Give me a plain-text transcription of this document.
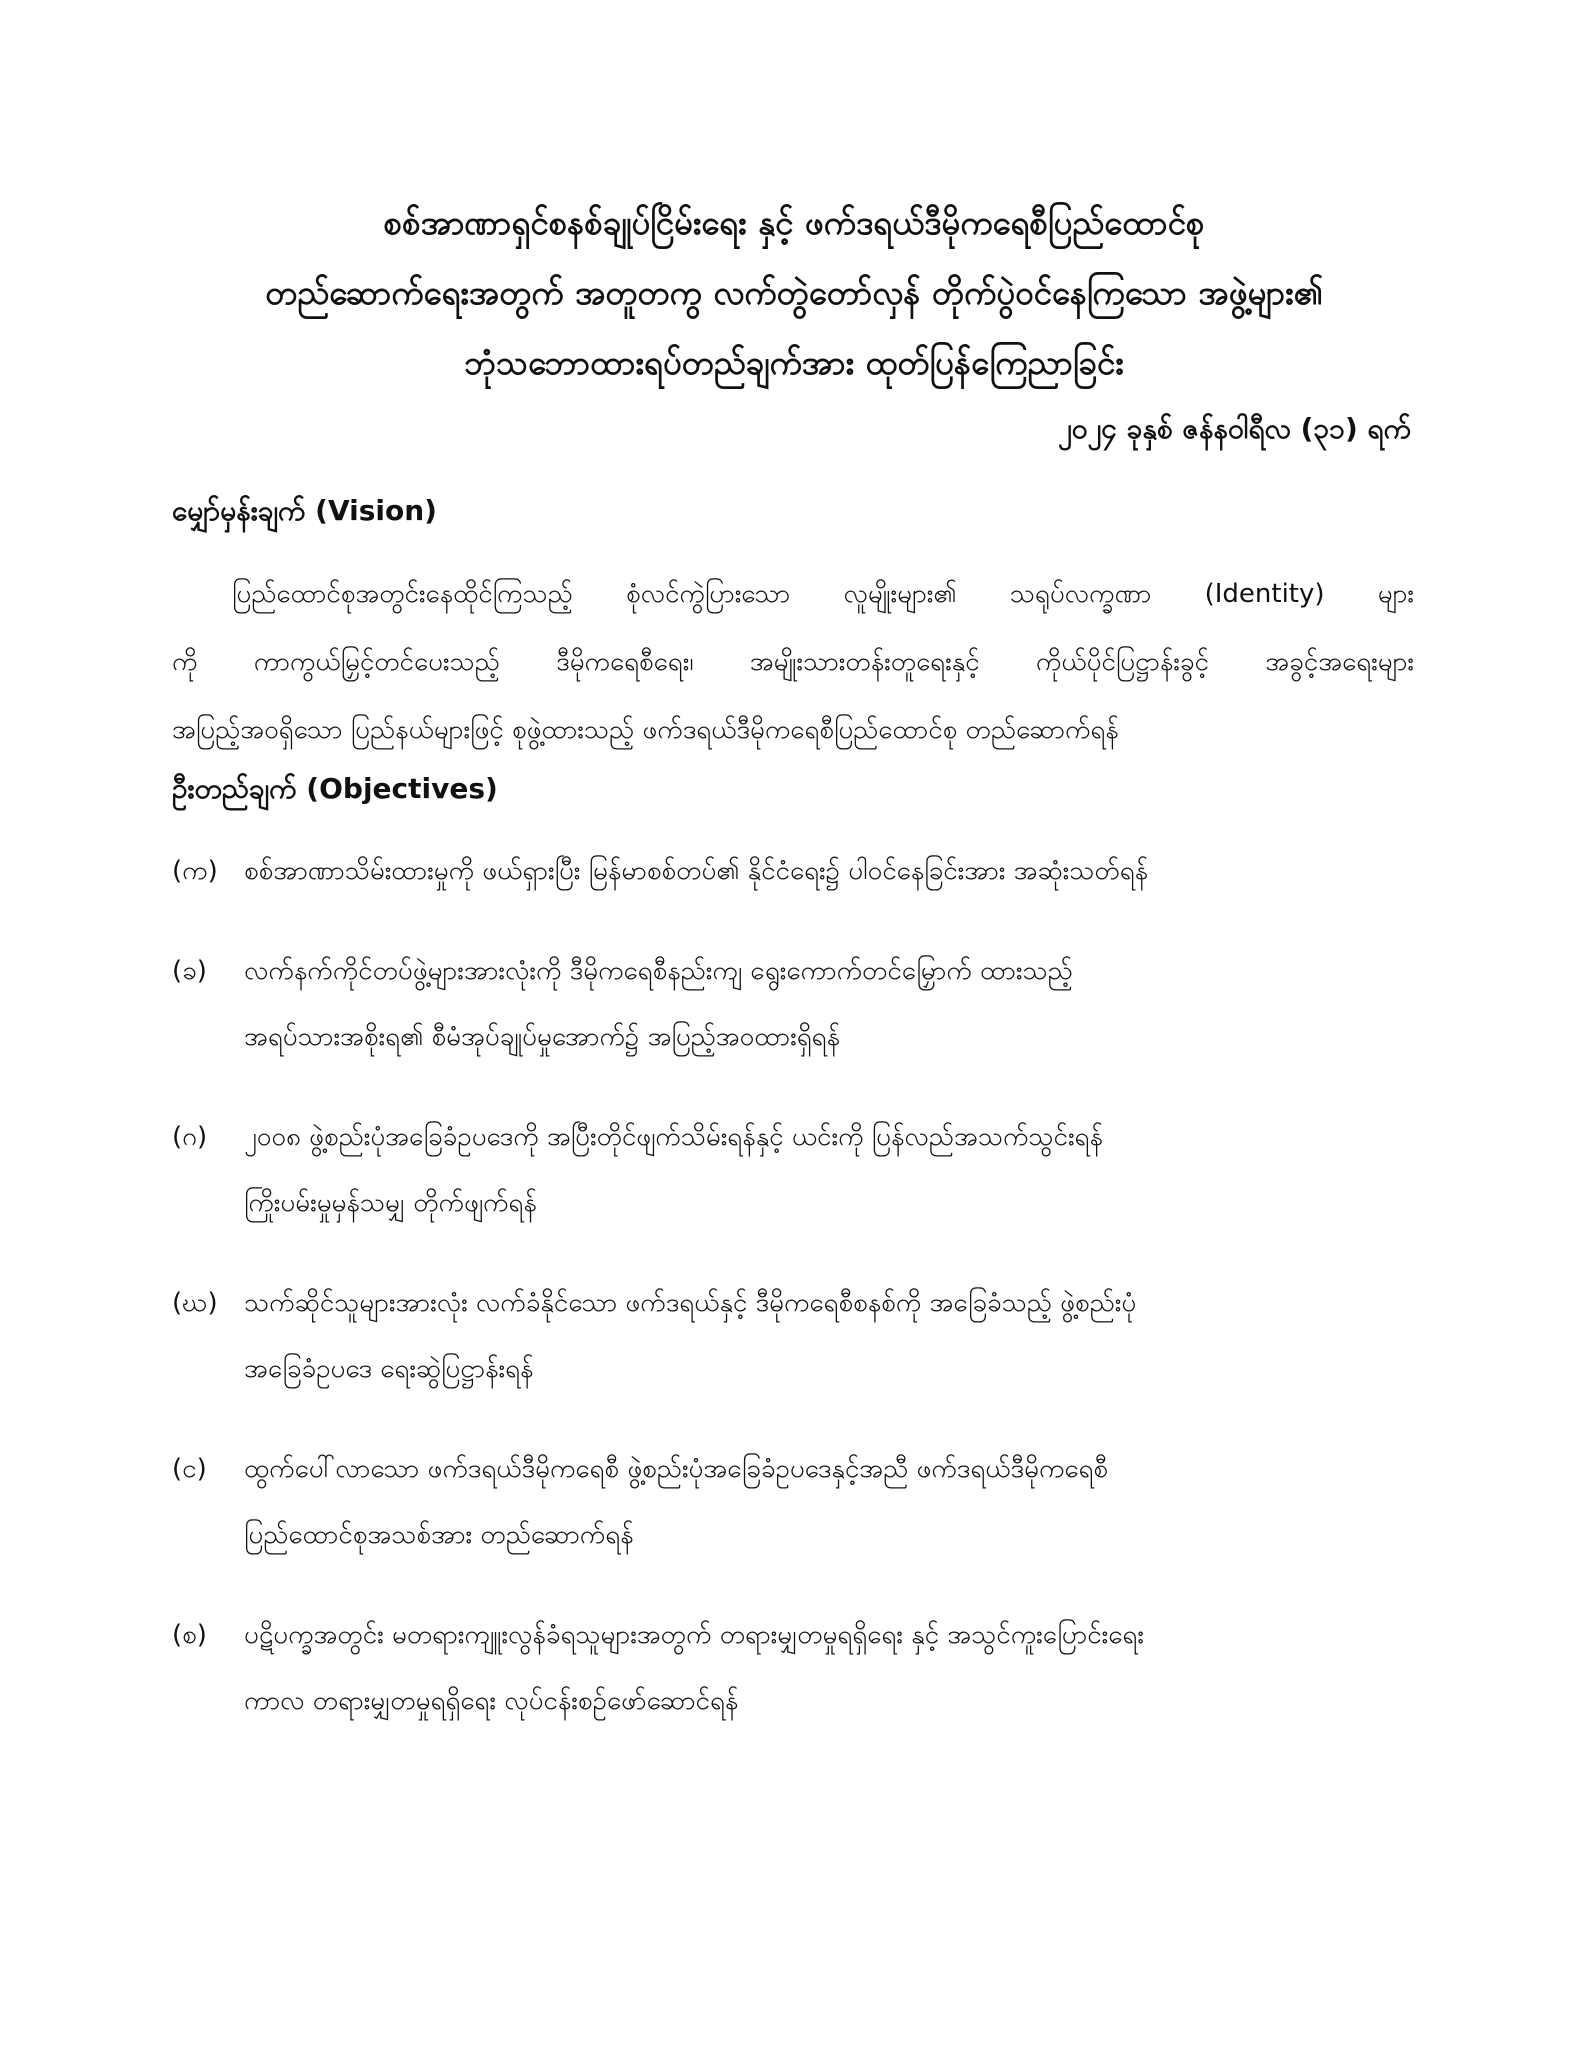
စစ်အာဏာရှင်စနစ်ချုပ်ငြိမ်းရေး နှင့် ဖက်ဒရယ်ဒီမိုကရေစီပြည်ထောင်စု
တည်ဆောက်ရေးအတွက် အတူတကွ လက်တွဲတော်လှန် တိုက်ပွဲဝင်နေကြသော အဖွဲ့များ၏
ဘုံသဘောထားရပ်တည်ချက်အား ထုတ်ပြန်ကြေညာခြင်း
၂၀၂၄ ခုနှစ် ဇန်နဝါရီလ (၃၁) ရက်
မျှော်မှန်းချက် (Vision)
ပြည်ထောင်စုအတွင်းနေထိုင်ကြသည့် စုံလင်ကွဲပြားသော လူမျိုးများ၏ သရုပ်လက္ခဏာ (Identity) များ
ကို ကာကွယ်မြှင့်တင်ပေးသည့် ဒီမိုကရေစီရေး၊ အမျိုးသားတန်းတူရေးနှင့် ကိုယ်ပိုင်ပြဋ္ဌာန်းခွင့် အခွင့်အရေးများ
အပြည့်အဝရှိသော ပြည်နယ်များဖြင့် စုဖွဲ့ထားသည့် ဖက်ဒရယ်ဒီမိုကရေစီပြည်ထောင်စု တည်ဆောက်ရန်
ဦးတည်ချက် (Objectives)
(က) စစ်အာဏာသိမ်းထားမှုကို ဖယ်ရှားပြီး မြန်မာစစ်တပ်၏ နိုင်ငံရေး၌ ပါဝင်နေခြင်းအား အဆုံးသတ်ရန်
(ခ) လက်နက်ကိုင်တပ်ဖွဲ့များအားလုံးကို ဒီမိုကရေစီနည်းကျ ရွေးကောက်တင်မြှောက် ထားသည့်
အရပ်သားအစိုးရ၏ စီမံအုပ်ချုပ်မှုအောက်၌ အပြည့်အဝထားရှိရန်
(ဂ) ၂၀၀၈ ဖွဲ့စည်းပုံအခြေခံဥပဒေကို အပြီးတိုင်ဖျက်သိမ်းရန်နှင့် ယင်းကို ပြန်လည်အသက်သွင်းရန်
ကြိုးပမ်းမှုမှန်သမျှ တိုက်ဖျက်ရန်
(ဃ) သက်ဆိုင်သူများအားလုံး လက်ခံနိုင်သော ဖက်ဒရယ်နှင့် ဒီမိုကရေစီစနစ်ကို အခြေခံသည့် ဖွဲ့စည်းပုံ
အခြေခံဥပဒေ ရေးဆွဲပြဋ္ဌာန်းရန်
(င) ထွက်ပေါ်လာသော ဖက်ဒရယ်ဒီမိုကရေစီ ဖွဲ့စည်းပုံအခြေခံဥပဒေနှင့်အညီ ဖက်ဒရယ်ဒီမိုကရေစီ
ပြည်ထောင်စုအသစ်အား တည်ဆောက်ရန်
(စ) ပဋိပက္ခအတွင်း မတရားကျူးလွန်ခံရသူများအတွက် တရားမျှတမှုရရှိရေး နှင့် အသွင်ကူးပြောင်းရေး
ကာလ တရားမျှတမှုရရှိရေး လုပ်ငန်းစဉ်ဖော်ဆောင်ရန်
